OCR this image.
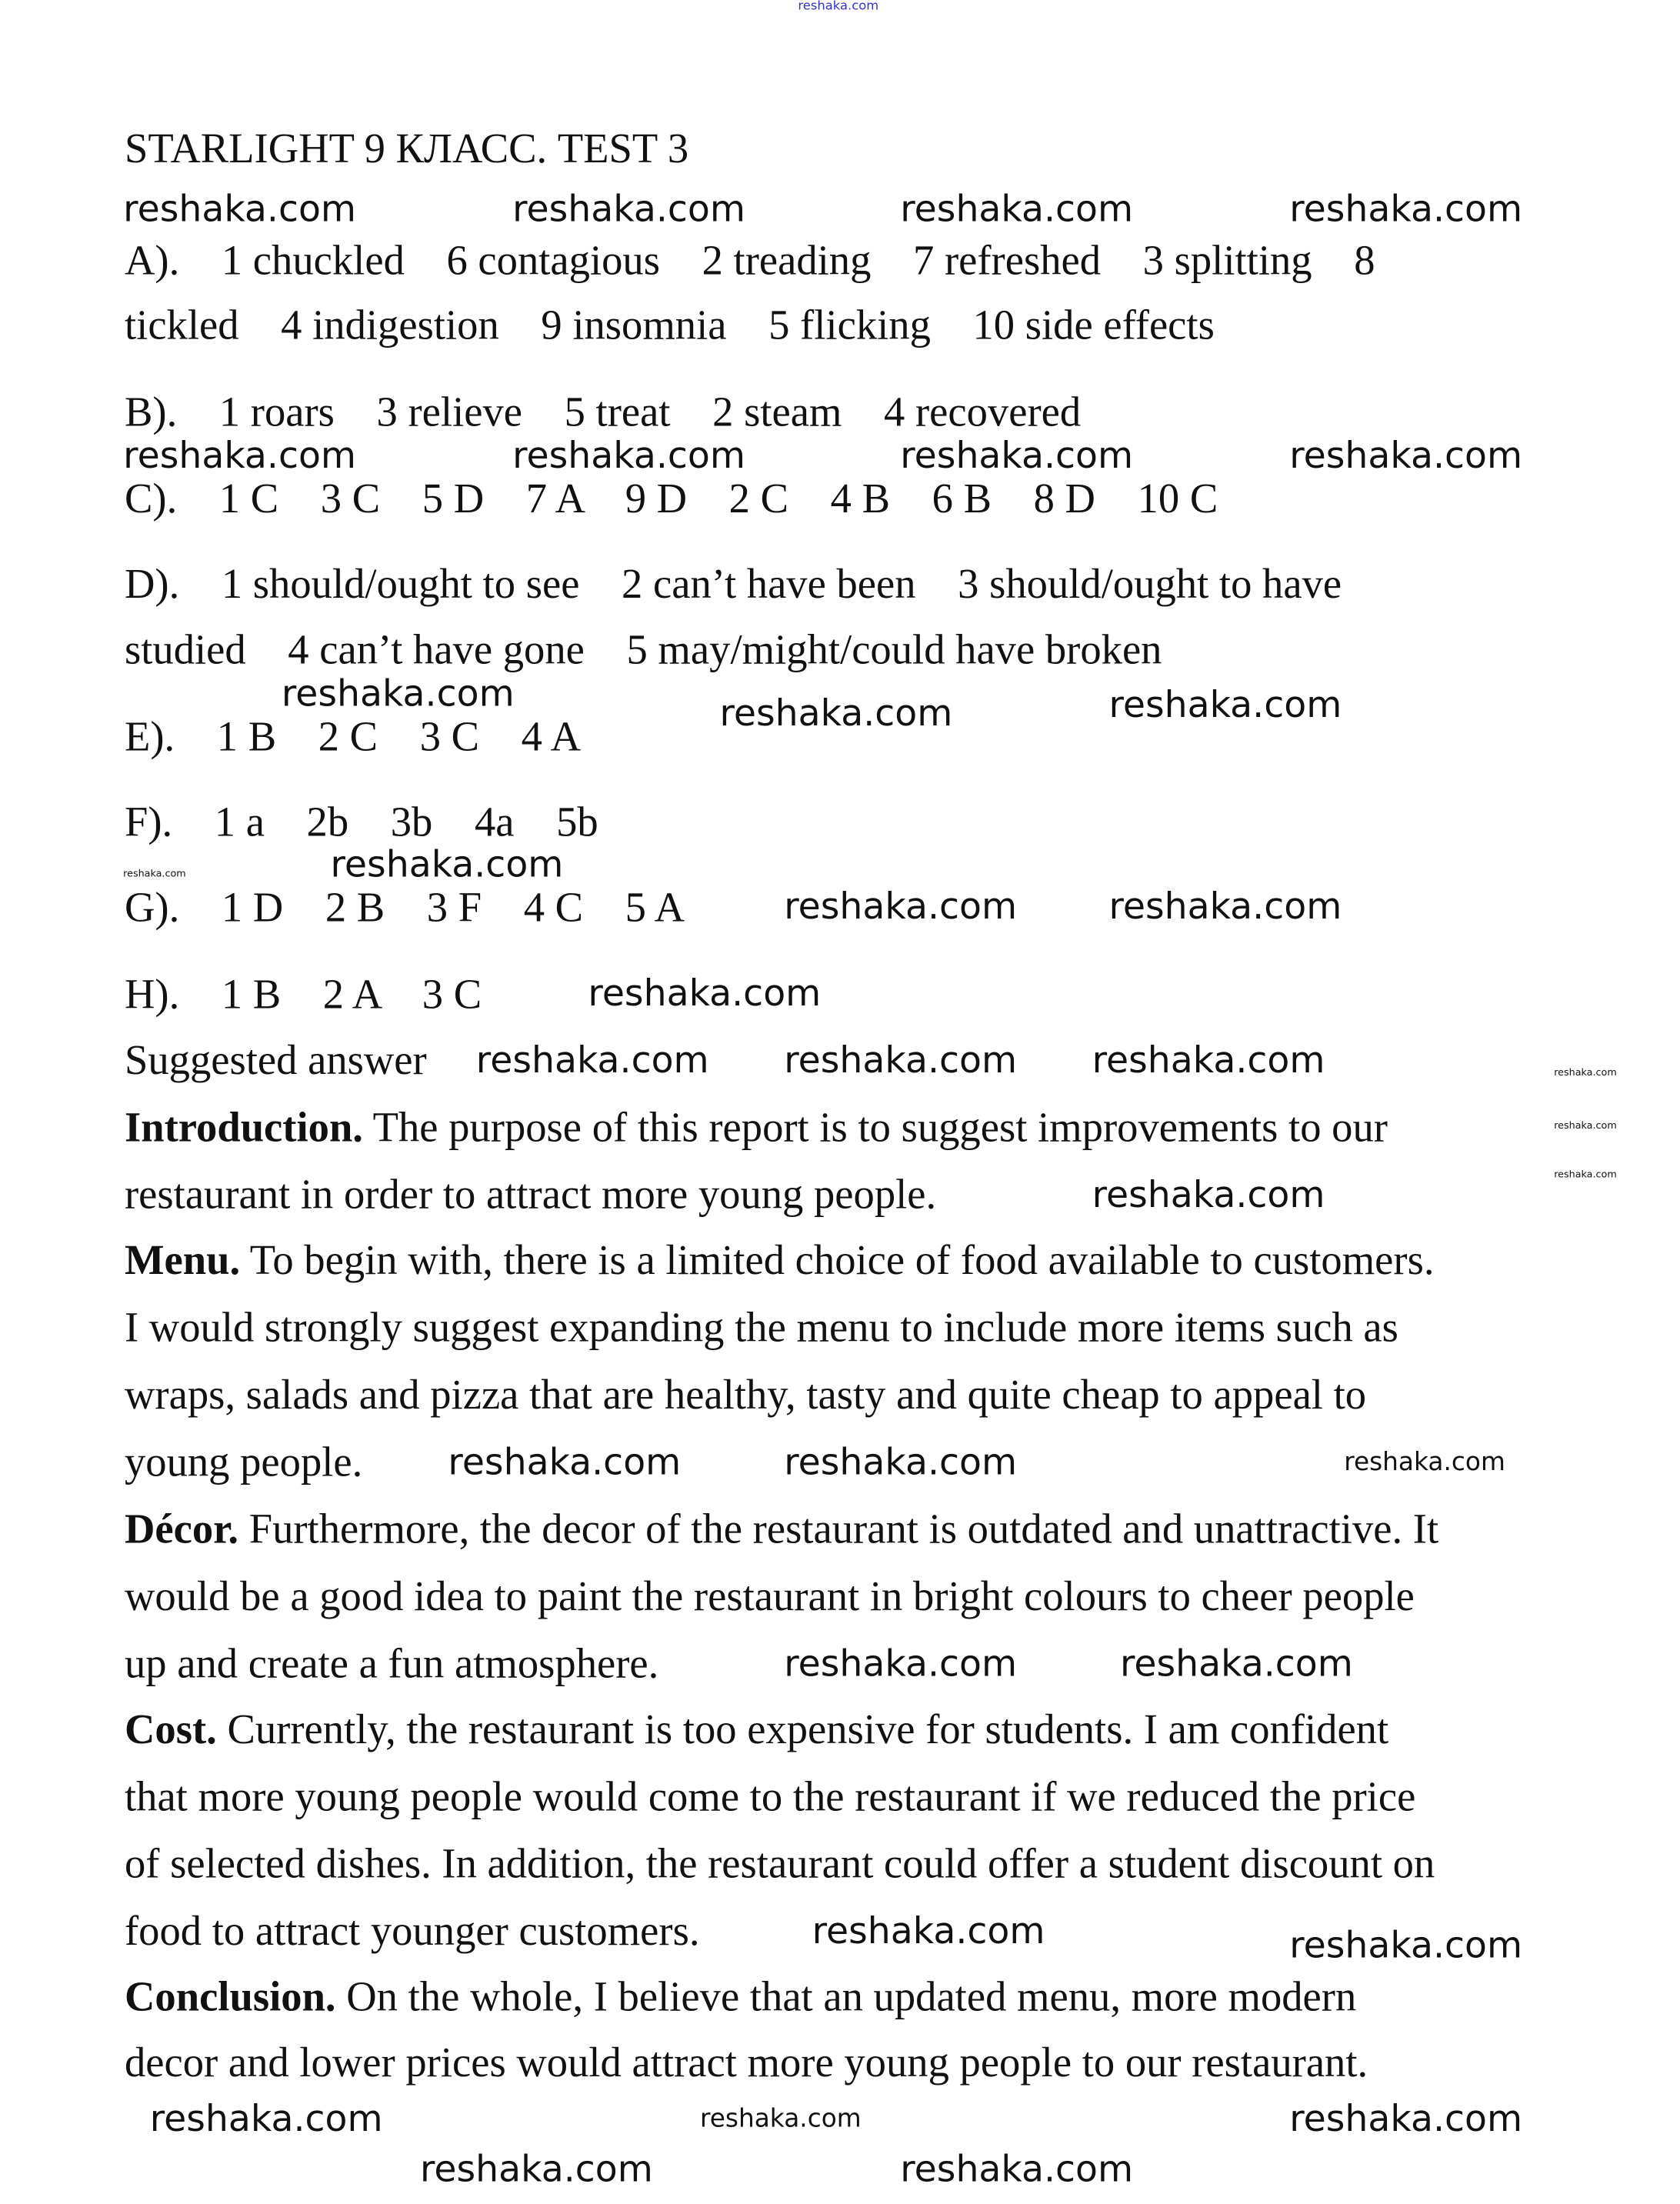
reshaka.com
STARLIGHT 9 КЛАСС. TEST 3
A).    1 chuckled    6 contagious    2 treading    7 refreshed    3 splitting    8
tickled    4 indigestion    9 insomnia    5 flicking    10 side effects
B).    1 roars    3 relieve    5 treat    2 steam    4 recovered
C).    1 C    3 C    5 D    7 A    9 D    2 C    4 B    6 B    8 D    10 C
D).    1 should/ought to see    2 can’t have been    3 should/ought to have
studied    4 can’t have gone    5 may/might/could have broken
E).    1 B    2 C    3 C    4 A
F).    1 a    2b    3b    4a    5b
G).    1 D    2 B    3 F    4 C    5 A
H).    1 B    2 A    3 C
Suggested answer
Introduction. The purpose of this report is to suggest improvements to our
restaurant in order to attract more young people.
Menu. To begin with, there is a limited choice of food available to customers.
I would strongly suggest expanding the menu to include more items such as
wraps, salads and pizza that are healthy, tasty and quite cheap to appeal to
young people.
Décor. Furthermore, the decor of the restaurant is outdated and unattractive. It
would be a good idea to paint the restaurant in bright colours to cheer people
up and create a fun atmosphere.
Cost. Currently, the restaurant is too expensive for students. I am confident
that more young people would come to the restaurant if we reduced the price
of selected dishes. In addition, the restaurant could offer a student discount on
food to attract younger customers.
Conclusion. On the whole, I believe that an updated menu, more modern
decor and lower prices would attract more young people to our restaurant.
reshaka.com	reshaka.com	reshaka.com	reshaka.com
reshaka.com	reshaka.com	reshaka.com	reshaka.com
reshaka.com	reshaka.com	reshaka.com
reshaka.com
reshaka.com	reshaka.com
reshaka.com
reshaka.com
reshaka.com	reshaka.com	reshaka.com	reshaka.com
reshaka.com
reshaka.com
reshaka.com
reshaka.com	reshaka.com	reshaka.com
reshaka.com	reshaka.com
reshaka.com	reshaka.com
reshaka.com	reshaka.com	reshaka.com
reshaka.com	reshaka.com
